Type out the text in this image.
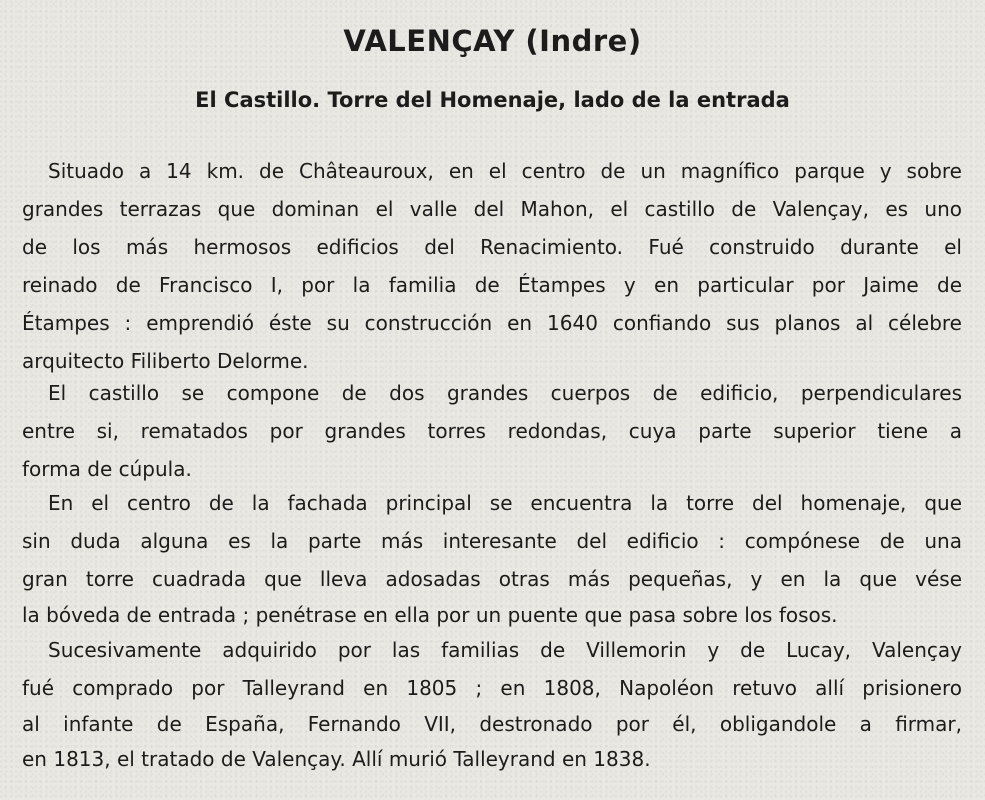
VALENÇAY (Indre)
El Castillo. Torre del Homenaje, lado de la entrada
Situado a 14 km. de Châteauroux, en el centro de un magnífico parque y sobre
grandes terrazas que dominan el valle del Mahon, el castillo de Valençay, es uno
de los más hermosos edificios del Renacimiento. Fué construido durante el
reinado de Francisco I, por la familia de Étampes y en particular por Jaime de
Étampes : emprendió éste su construcción en 1640 confiando sus planos al célebre
arquitecto Filiberto Delorme.
El castillo se compone de dos grandes cuerpos de edificio, perpendiculares
entre si, rematados por grandes torres redondas, cuya parte superior tiene a
forma de cúpula.
En el centro de la fachada principal se encuentra la torre del homenaje, que
sin duda alguna es la parte más interesante del edificio : compónese de una
gran torre cuadrada que lleva adosadas otras más pequeñas, y en la que vése
la bóveda de entrada ; penétrase en ella por un puente que pasa sobre los fosos.
Sucesivamente adquirido por las familias de Villemorin y de Lucay, Valençay
fué comprado por Talleyrand en 1805 ; en 1808, Napoléon retuvo allí prisionero
al infante de España, Fernando VII, destronado por él, obligandole a firmar,
en 1813, el tratado de Valençay. Allí murió Talleyrand en 1838.
